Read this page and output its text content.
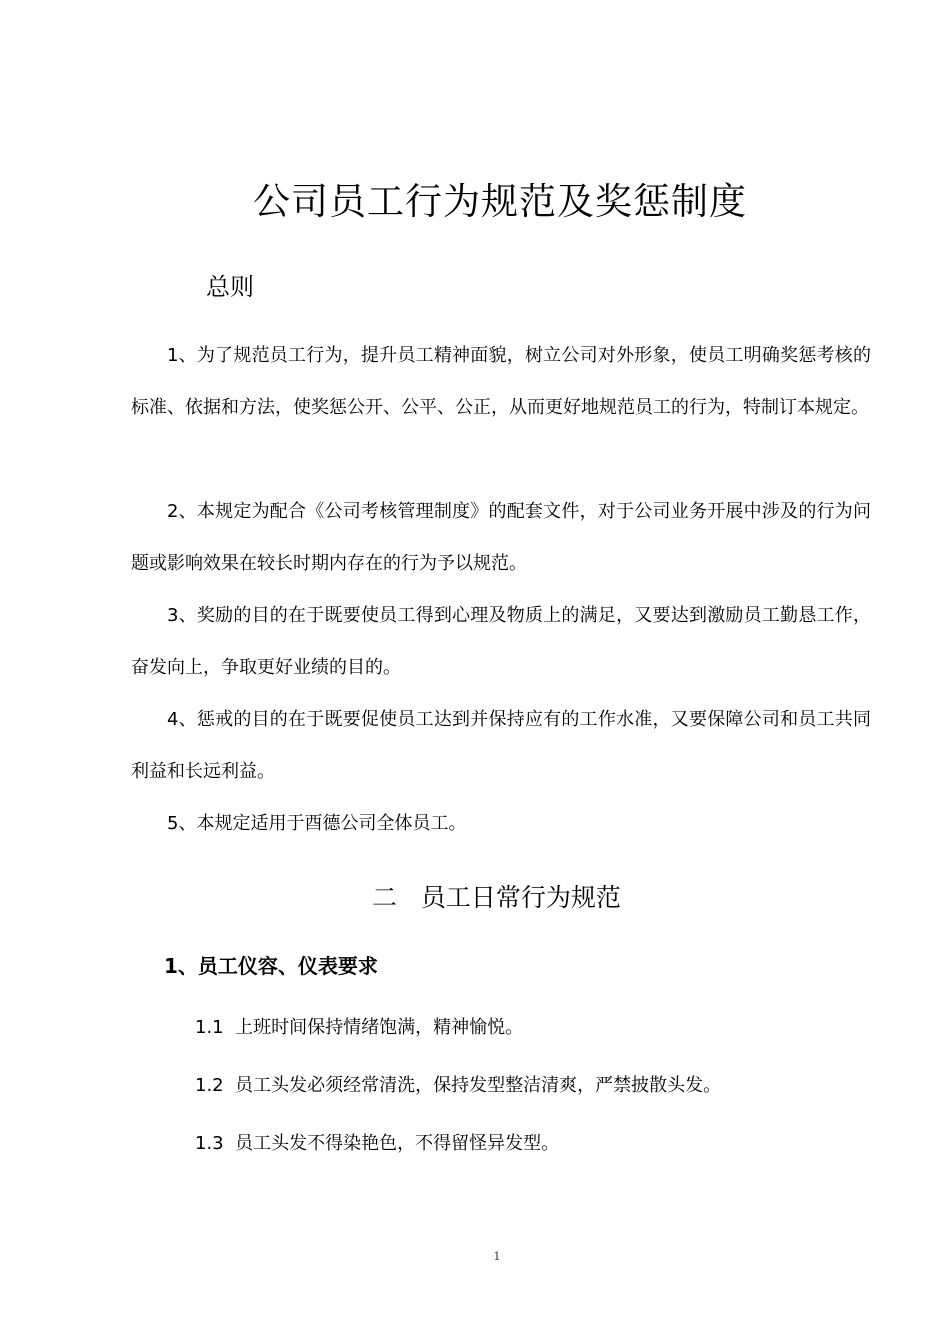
公司员工行为规范及奖惩制度
总则

1、为了规范员工行为，提升员工精神面貌，树立公司对外形象，使员工明确奖惩考核的标准、依据和方法，使奖惩公开、公平、公正，从而更好地规范员工的行为，特制订本规定。

2、本规定为配合《公司考核管理制度》的配套文件，对于公司业务开展中涉及的行为问题或影响效果在较长时期内存在的行为予以规范。

3、奖励的目的在于既要使员工得到心理及物质上的满足，又要达到激励员工勤恳工作，奋发向上，争取更好业绩的目的。

4、惩戒的目的在于既要促使员工达到并保持应有的工作水准，又要保障公司和员工共同利益和长远利益。

5、本规定适用于酉德公司全体员工。

二   员工日常行为规范
1、员工仪容、仪表要求
1.1  上班时间保持情绪饱满，精神愉悦。
1.2  员工头发必须经常清洗，保持发型整洁清爽，严禁披散头发。
1.3  员工头发不得染艳色，不得留怪异发型。
1
